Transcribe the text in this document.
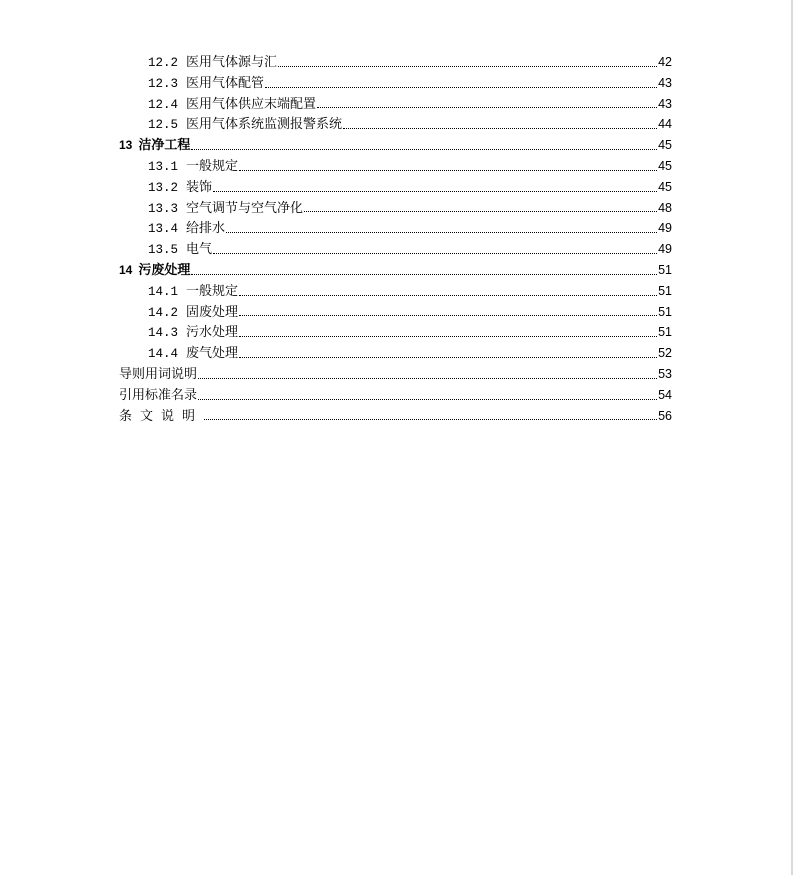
12.2 医用气体源与汇	42
12.3 医用气体配管	43
12.4 医用气体供应末端配置	43
12.5 医用气体系统监测报警系统	44
13 洁净工程	45
13.1 一般规定	45
13.2 装饰	45
13.3 空气调节与空气净化	48
13.4 给排水	49
13.5 电气	49
14 污废处理	51
14.1 一般规定	51
14.2 固废处理	51
14.3 污水处理	51
14.4 废气处理	52
导则用词说明	53
引用标准名录	54
条文说明	56
